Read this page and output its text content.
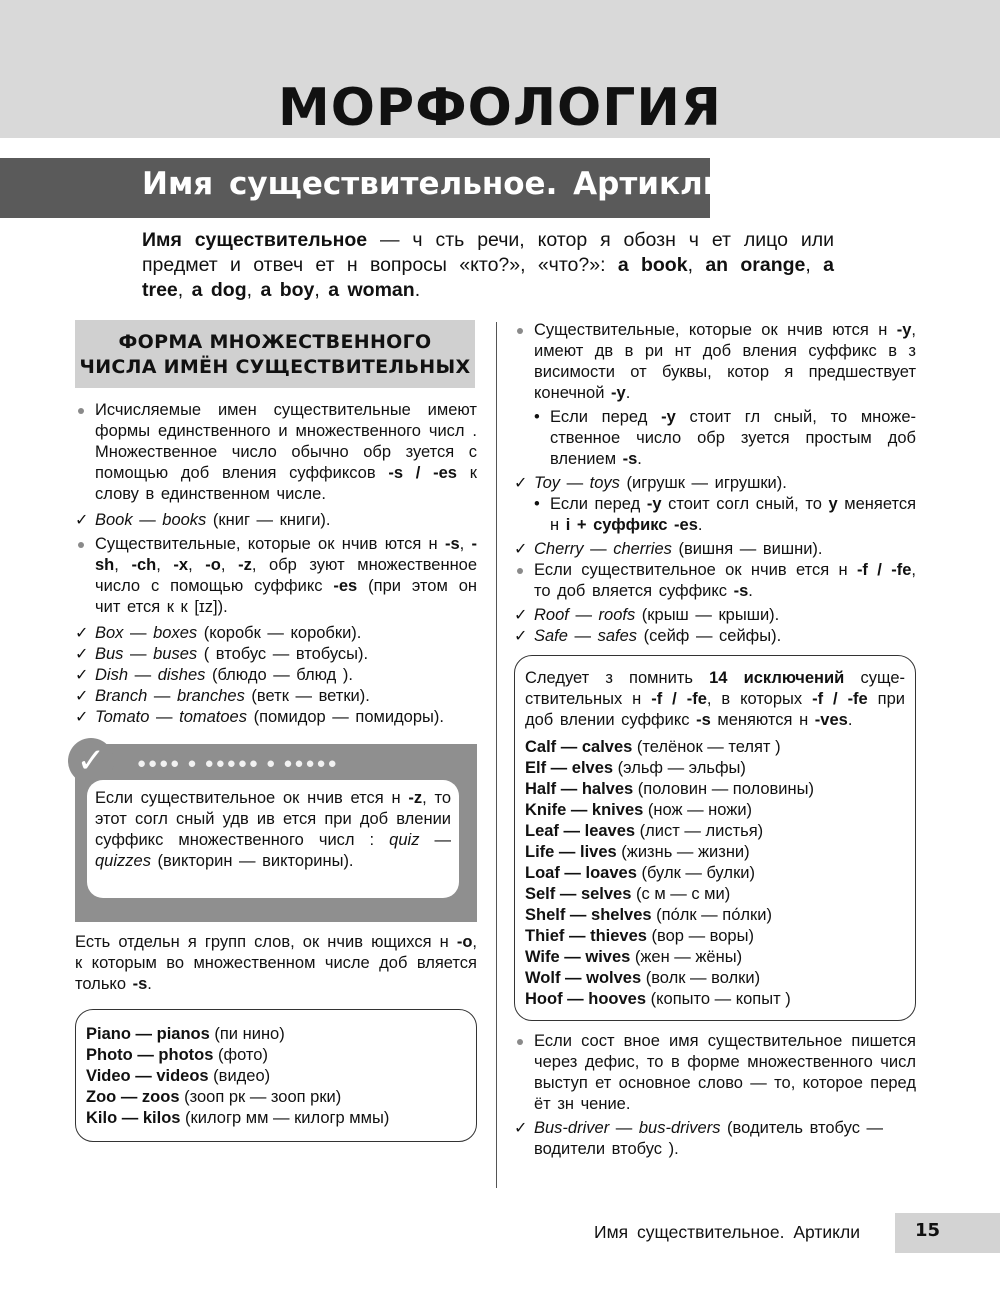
МОРФОЛОГИЯ
Имя существительное. Артикли
Имя существительное — ч сть речи, котор я обозн ч ет лицо или предмет и отвеч ет н вопросы «кто?», «что?»: a book, an orange, a tree, a dog, a boy, a woman.
ФОРМА МНОЖЕСТВЕННОГО
ЧИСЛА ИМЁН СУЩЕСТВИТЕЛЬНЫХ
Исчисляемые имен существительные имеют формы единственного и множественного числ . Множественное число обычно обр зуется с помощью доб вления суффиксов -s / -es к слову в единственном числе.
✓ Book — books (книг — книги).
Существительные, которые ок нчив ются н -s, -sh, -ch, -x, -o, -z, обр зуют множественное число с помощью суффикс -es (при этом он чит ется к к [ɪz]).
✓ Box — boxes (коробк — коробки).
✓ Bus — buses ( втобус — втобусы).
✓ Dish — dishes (блюдо — блюд ).
✓ Branch — branches (ветк — ветки).
✓ Tomato — tomatoes (помидор — помидоры).
✓	●●●● ● ●●●●● ● ●●●●●
Если существительное ок нчив ется н -z, то этот согл сный удв ив ется при доб влении суффикс множественного числ : quiz — quizzes (викторин — викторины).
Есть отдельн я групп слов, ок нчив ющихся н -o, к которым во множественном числе доб вляется только -s.
Piano — pianos (пи нино)
Photo — photos (фото)
Video — videos (видео)
Zoo — zoos (зооп рк — зооп рки)
Kilo — kilos (килогр мм — килогр ммы)
Существительные, которые ок нчив ются н -y, имеют дв в ри нт доб вления суффикс в з висимости от буквы, котор я предшествует конечной -y.
• Если перед -y стоит гл сный, то множественное число обр зуется простым доб влением -s.
✓ Toy — toys (игрушк — игрушки).
• Если перед -y стоит согл сный, то y меняется н i + суффикс -es.
✓ Cherry — cherries (вишня — вишни).
Если существительное ок нчив ется н -f / -fe, то доб вляется суффикс -s.
✓ Roof — roofs (крыш — крыши).
✓ Safe — safes (сейф — сейфы).
Следует з помнить 14 исключений существительных н -f / -fe, в которых -f / -fe при доб влении суффикс -s меняются н -ves.
Calf — calves (телёнок — телят )
Elf — elves (эльф — эльфы)
Half — halves (половин — половины)
Knife — knives (нож — ножи)
Leaf — leaves (лист — листья)
Life — lives (жизнь — жизни)
Loaf — loaves (булк — булки)
Self — selves (с м — с ми)
Shelf — shelves (по́лк — по́лки)
Thief — thieves (вор — воры)
Wife — wives (жен — жёны)
Wolf — wolves (волк — волки)
Hoof — hooves (копыто — копыт )
Если сост вное имя существительное пишется через дефис, то в форме множественного числ выступ ет основное слово — то, которое перед ёт зн чение.
✓ Bus-driver — bus-drivers (водитель втобус — водители втобус ).
Имя существительное. Артикли	15
